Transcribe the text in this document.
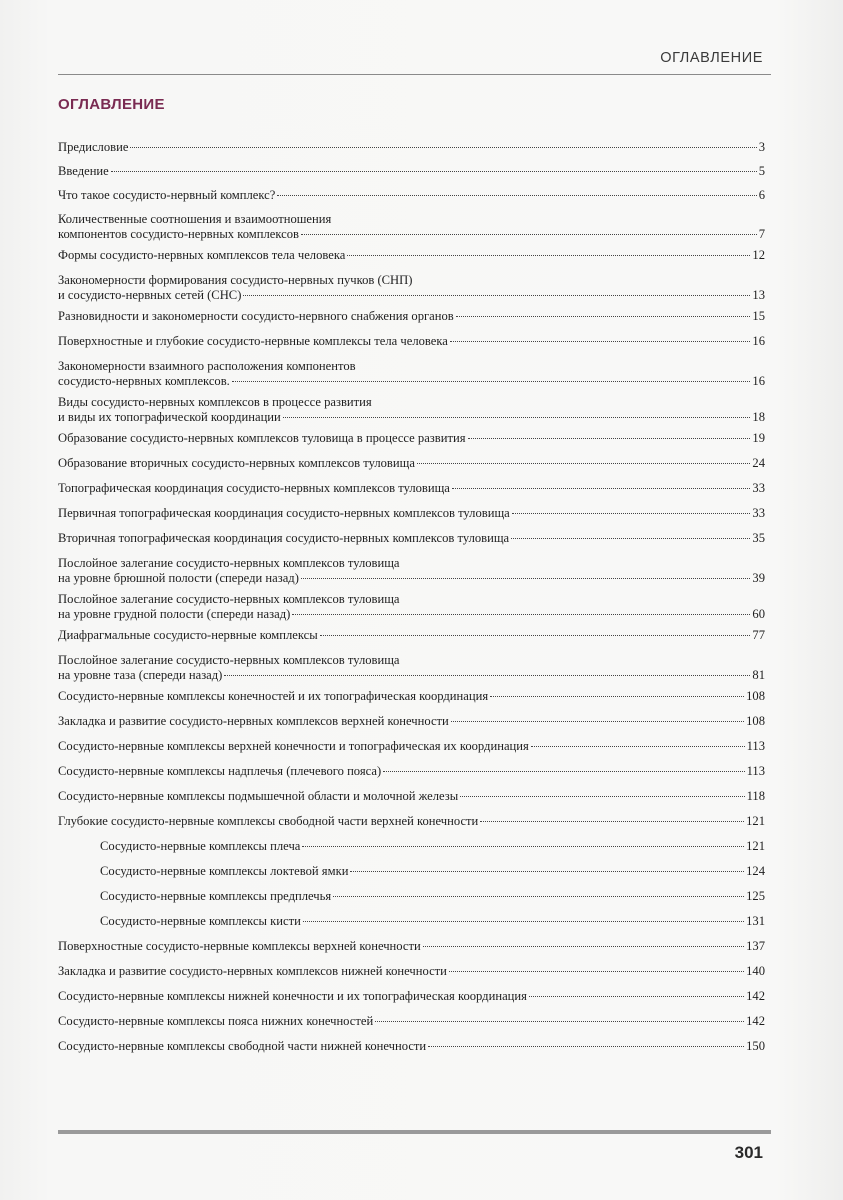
ОГЛАВЛЕНИЕ
ОГЛАВЛЕНИЕ
Предисловие	3
Введение	5
Что такое сосудисто-нервный комплекс?	6
Количественные соотношения и взаимоотношения
компонентов сосудисто-нервных комплексов	7
Формы сосудисто-нервных комплексов тела человека	12
Закономерности формирования сосудисто-нервных пучков (СНП)
и сосудисто-нервных сетей (СНС)	13
Разновидности и закономерности сосудисто-нервного снабжения органов	15
Поверхностные и глубокие сосудисто-нервные комплексы тела человека	16
Закономерности взаимного расположения компонентов
сосудисто-нервных комплексов.	16
Виды сосудисто-нервных комплексов в процессе развития
и виды их топографической координации	18
Образование сосудисто-нервных комплексов туловища в процессе развития	19
Образование вторичных сосудисто-нервных комплексов туловища	24
Топографическая координация сосудисто-нервных комплексов туловища	33
Первичная топографическая координация сосудисто-нервных комплексов туловища	33
Вторичная топографическая координация сосудисто-нервных комплексов туловища	35
Послойное залегание сосудисто-нервных комплексов туловища
на уровне брюшной полости (спереди назад)	39
Послойное залегание сосудисто-нервных комплексов туловища
на уровне грудной полости (спереди назад)	60
Диафрагмальные сосудисто-нервные комплексы	77
Послойное залегание сосудисто-нервных комплексов туловища
на уровне таза (спереди назад)	81
Сосудисто-нервные комплексы конечностей и их топографическая координация	108
Закладка и развитие сосудисто-нервных комплексов верхней конечности	108
Сосудисто-нервные комплексы верхней конечности и топографическая их координация	113
Сосудисто-нервные комплексы надплечья (плечевого пояса)	113
Сосудисто-нервные комплексы подмышечной области и молочной железы	118
Глубокие сосудисто-нервные комплексы свободной части верхней конечности	121
Сосудисто-нервные комплексы плеча	121
Сосудисто-нервные комплексы локтевой ямки	124
Сосудисто-нервные комплексы предплечья	125
Сосудисто-нервные комплексы кисти	131
Поверхностные сосудисто-нервные комплексы верхней конечности	137
Закладка и развитие сосудисто-нервных комплексов нижней конечности	140
Сосудисто-нервные комплексы нижней конечности и их топографическая координация	142
Сосудисто-нервные комплексы пояса нижних конечностей	142
Сосудисто-нервные комплексы свободной части нижней конечности	150
301
